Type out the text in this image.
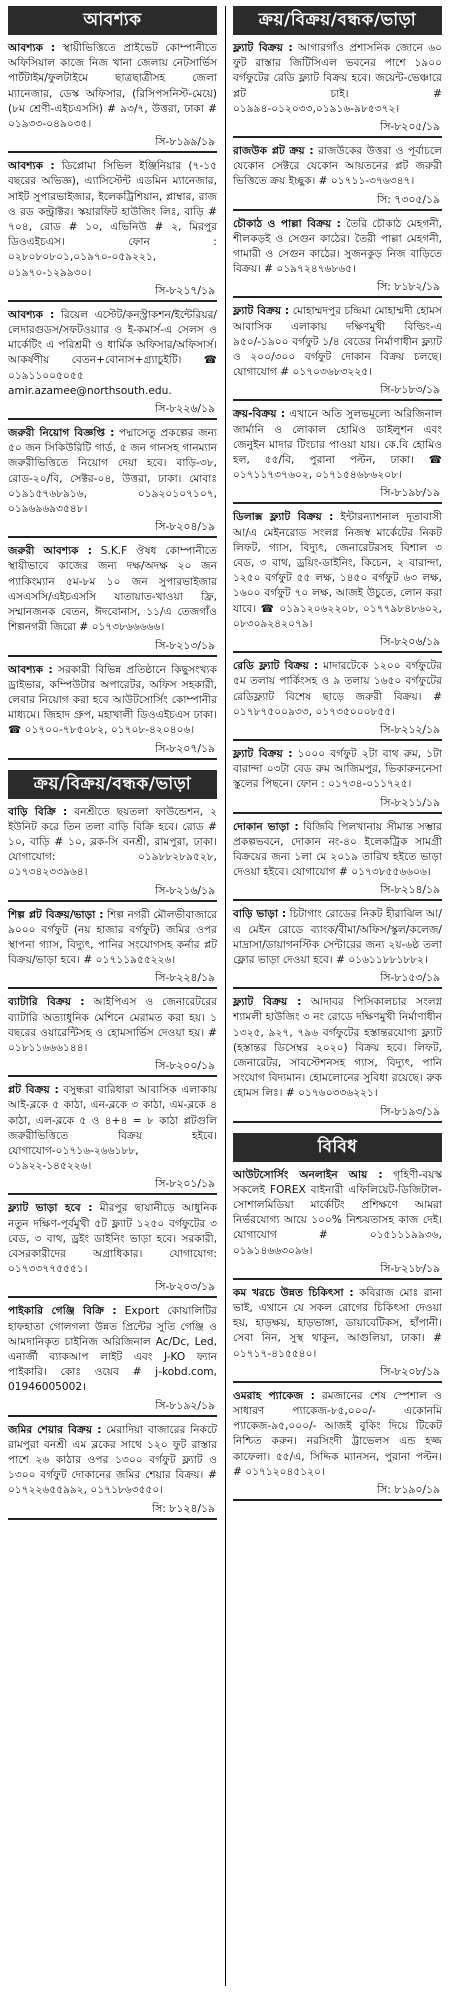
আবশ্যক

আবশ্যক : স্থায়ীভিত্তিতে প্রাইভেট কোম্পানীতে অফিসিয়াল কাজে নিজ খানা জেলায় নেটসার্ভিস পার্টটাইম/ফুলটাইমে ছাত্রছাত্রীসহ জেলা ম্যানেজার, ডেস্ক অফিসার, (রিসিপসনিস্ট-মেয়ে) (৮ম শ্রেণী-এইচএসসি) # ৯৩/৭, উত্তরা, ঢাকা # ০১৯৩৩-০৪৯০৩৫।

সি-৮১৯৯/১৯

আবশ্যক : ডিপ্লোমা সিভিল ইঞ্জিনিয়ার (৭-১৫ বছরের অভিজ্ঞ), এ্যাসিস্টেন্ট এডমিন ম্যানেজার, সাইট সুপারভাইজার, ইলেকট্রিশিয়ান, প্লাম্বার, রাজ ও রড কন্ট্রাক্টর। স্কয়ারফিট হাউজিং লিঃ, বাড়ি # ৭০৪, রোড # ১০, এভিনিউ # ২, মিরপুর ডিওএইচএস। ফোন : ০২৮০৮০৮০১,০১৯৭০-০৫৯২২১, ০১৯৭০-১২৯৯৩০।

সি-৮২১৭/১৯

আবশ্যক : রিয়েল এস্টেট/কনস্ট্রাকশন/ইন্টেরিয়র/লেদারগুডস/সফটওয়্যার ও ই-কমার্স-এ সেলস ও মার্কেটিং এ পরিশ্রমী ও ধার্মিক অফিসার/অফিসার্স। আকর্ষণীয় বেতন+বোনাস+গ্র্যাচুইটি। ☎ ০১৯১১০০৫০৫৫ amir.azamee@northsouth.edu.

সি-৮২২৬/১৯

জরুরী নিয়োগ বিজ্ঞপ্তি : পদ্মাসেতু প্রকল্পের জন্য ৫০ জন সিকিউরিটি গার্ড, ৫ জন গানসহ গানম্যান জরুরীভিত্তিতে নিয়োগ দেয়া হবে। বাড়ি-৩৮, রোড-২০/বি, সেক্টর-০৪, উত্তরা, ঢাকা। মোবাঃ ০১৯১৫৭৬৮৯১৬, ০১৯২০১০৭১০৭, ০১৯৬৯৬৯৩৫৪৮।

সি-৮২০৪/১৯

জরুরী আবশ্যক : S.K.F ঔষধ কোম্পানীতে স্থায়ীভাবে কাজের জন্য দক্ষ/অদক্ষ ২০ জন প্যাকিংম্যান ৫ম-৮ম ১০ জন সুপারভাইজার এসএসসি/এইচএসসি যাতায়াত-খাওয়া ফ্রি, সম্মানজনক বেতন, ঈদবোনাস, ১১/এ তেজগাঁও শিল্পনগরী জিরো # ০১৭৩৮৬৬৬৬৬।

সি-৮২১৩/১৯

আবশ্যক : সরকারী বিভিন্ন প্রতিষ্ঠানে কিছুসংখ্যক ড্রাইভার, কম্পিউটার অপারেটর, অফিস সহকারী, লেবার নিয়োগ করা হবে আউটসোর্সিং কোম্পানীর মাধ্যমে। জিহাদ গ্রুপ, মহাখালী ডিওএইচএস ঢাকা। ☎ ০১৭০০-৭৮৫০৮২, ০১৭০৮-৪২০৪০৬।

সি-৮২০৭/১৯
ক্রয়/বিক্রয়/বন্ধক/ভাড়া

বাড়ি বিক্রি : বনশ্রীতে ছয়তলা ফাউন্ডেশন, ২ ইউনিট করে তিন তলা বাড়ি বিক্রি হবে। রোড # ১০, বাড়ি # ১০, ব্লক-সি বনশ্রী, রামপুরা, ঢাকা। যোগাযোগ: ০১৯৮৮২৮৯৫২৮, ০১৭৩৪২৩৩৯৬৪।

সি-৮২১৬/১৯

শিল্প প্লট বিক্রয়/ভাড়া : শিল্প নগরী মৌলভীবাজারে ৯০০০ বর্গফুট (নয় হাজার বর্গফুট) জমির ওপর স্থাপনা গ্যাস, বিদ্যুৎ, পানির সংযোগসহ কর্নার প্লট বিক্রয়/ভাড়া হবে। # ০১৭১১৯৫৫২২৬।

সি-৮২২৪/১৯

ব্যাটারি বিক্রয় : আইপিএস ও জেনারেটরের ব্যাটারি অত্যাধুনিক মেশিনে মেরামত করা হয়। ১ বছরের ওয়ারেন্টিসহ ও হোমসার্ভিস দেওয়া হয়। # ০১৮১১৬৬৬১৪৪।

সি-৮২০০/১৯

প্লট বিক্রয় : বসুন্ধরা বারিধারা আবাসিক এলাকায় আই-ব্লকে ৫ কাঠা, এন-ব্লকে ৩ কাঠা, এম-ব্লকে ৪ কাঠা, এল-ব্লকে ৫ ও ৪+৪ = ৮ কাঠা প্লটগুলি জরুরীভিত্তিতে বিক্রয় হইবে। যোগাযোগ-০১৭১৬-২৬৬১৮৮, ০১৯২২-১৪৫২২৬।

সি-৮২০১/১৯

ফ্ল্যাট ভাড়া হবে : মীরপুর ছায়ানীড়ে আধুনিক নতুন দক্ষিণ-পূর্বমুখী ৫ট ফ্ল্যাট ১২৫০ বর্গফুটের ৩ বেড, ৩ বাথ, ড্রইং ডাইনিং ভাড়া হবে। সরকারী, বেসরকারীদের অগ্রাধিকার। যোগাযোগ: ০১৭৩৩৭৭৫৫৫১।

সি-৮২০৩/১৯

পাইকারি গেঞ্জি বিক্রি : Export কোয়ালিটির হাফহাতা গোলগলা উন্নত প্রিন্টের সুতি গেঞ্জি ও আমদানিকৃত চাইনিজ অরিজিনাল Ac/Dc, Led, এনার্জী ব্যাকআপ লাইট এবং J-KO ফ্যান পাইকারি। কোঃ ওয়েব # j-kobd.com, 01946005002।

সি-৮১৯২/১৯

জমির শেয়ার বিক্রয় : মেরাদিয়া বাজারের নিকটে রামপুরা বনশ্রী এম ব্লকের সাথে ১২০ ফুট রাস্তার পাশে ২৬ কাঠার ওপর ১৩০০ বর্গফুট ফ্ল্যাট ও ১৩০০ বর্গফুট দোকানের জমির শেয়ার বিক্রয়। # ০১৭২২৬৫৫৯৯২, ০১৭১৮৬৩৫৫০।

সি: ৮১২৪/১৯
ক্রয়/বিক্রয়/বন্ধক/ভাড়া

ফ্ল্যাট বিক্রয় : আগারগাঁও প্রশাসনিক জোনে ৬০ ফুট রাস্তার জিটিসিএল ভবনের পাশে ১৯০০ বর্গফুটের রেডি ফ্ল্যাট বিক্রয় হবে। জয়েন্ট-ভেঞ্চারে প্লট চাই। # ০১৯৯৪-০১২০৩৩,০১৯১৬-৯৮৫৩৭২।

সি-৮২০৫/১৯

রাজউক প্লট ক্রয় : রাজউকের উত্তরা ও পূর্বাচলে যেকোন সেক্টরে যেকোন আয়তনের প্লট জরুরী ভিত্তিতে ক্রয় ইচ্ছুক। # ০১৭১১-৩৭৬৩৪৭।

সি: ৭৩০৫/১৯

চৌকাঠ ও পাল্লা বিক্রয় : তৈরি চৌকাঠ মেহগনী, শীলকড়ই ও সেগুন কাঠের। তৈরী পাল্লা মেহগনী, গামারী ও সেগুন কাঠের। সুজনকুড় নিজ বাড়িতে বিক্রয়। # ০১৯৭২৪৭৬৮৬৫।

সি: ৮১৮২/১৯

ফ্ল্যাট বিক্রয় : মোহাম্মদপুর চন্দ্রিমা মোহাম্মদী হোমস আবাসিক এলাকায় দক্ষিণমুখী বিল্ডিং-এ ৯৫০/-১৯০০ বর্গফুট ১/৪ বেডের নির্মাণাধীন ফ্ল্যাট ও ২০০/৩০০ বর্গফুট দোকান বিক্রয় চলছে। যোগাযোগ # ০১৭০৩৬৮৩২২৫।

সি-৮১৮৩/১৯

ক্রয়-বিক্রয় : এখানে অতি সুলভমূল্যে অরিজিনাল জার্মানি ও লোকাল হোমিও ডাইলুশন এবং জেনুইন মাদার টিংচার পাওয়া যায়। কে.বি হোমিও হল, ৫৫/বি, পুরানা পল্টন, ঢাকা। ☎ ০১৭১১৭৩৭৬০২, ০১৭১৫৪৬৮৬২০৮।

সি-৮১৯৮/১৯

ডিলাক্স ফ্ল্যাট বিক্রয় : ইন্টারন্যাশনাল দূতাবাসী আ/এ মেইনরোড সংলগ্ন নিজস্ব মার্কেটের নিকট লিফট, গ্যাস, বিদ্যুৎ, জেনারেটরসহ বিশাল ৩ বেড, ৩ বাথ, ড্রয়িং-ডাইনিং, কিচেন, ২ বারান্দা, ১২৫০ বর্গফুট ৫৫ লক্ষ, ১৪৫০ বর্গফুট ৬৩ লক্ষ, ১৬০০ বর্গফুট ৭০ লক্ষ, আজই উচুতে, লোন করা যাবে। ☎ ০১৯১২০৬২২০৮, ০১৭৭৯৮৪৮৬০২, ০৮৩০৯২৪২০৭৯।

সি-৮২০৬/১৯

রেডি ফ্ল্যাট বিক্রয় : মাদারটেকে ১২০০ বর্গফুটের ৫ম তলায় পার্কিংসহ ও ৯ তলায় ১৬৫০ বর্গফুটের রেডিফ্ল্যাট বিশেষ ছাড়ে জরুরী বিক্রয়। # ০১৭৮৭৫০০৯৩৩, ০১৭৩৫০০০৮৫৫।

সি-৮২১২/১৯

ফ্ল্যাট বিক্রয় : ১০০০ বর্গফুট ২টা বাথ রুম, ১টা বারান্দা ০৩টা বেড রুম আজিমপুর, ভিকারুননেসা স্কুলের পিছনে। ফোন : ০১৭৩৪-০১১৭২৫।

সি-৮২১১/১৯

দোকান ভাড়া : বিজিবি পিলখানায় সীমান্ত সম্ভার প্রকল্পভবনে, দোকান নং-৪০ ইলেকট্রিক সামগ্রী বিক্রয়ের জন্য ১লা মে ২০১৯ তারিখ হইতে ভাড়া দেওয়া হইবে। যোগাযোগ # ০১৭৩৮৫৫৬৬০৬।

সি-৮২১৪/১৯

বাড়ি ভাড়া : চিটাগাং রোডের নিকট হীরাঝিল আ/এ মেইন রোডে ব্যাংক/বীমা/অফিস/স্কুল/কলেজ/মাদ্রাসা/ডায়াগনস্টিক সেন্টারের জন্য ২য়-৬ষ্ঠ তলা ফ্লোর ভাড়া দেওয়া হবে। # ০১৬১১৮৮১৮৮২।

সি-৮১৫৩/১৯

ফ্ল্যাট বিক্রয় : আদাবর পিসিকালচার সংলগ্ন শ্যামলী হাউজিং ৩ নং রোডে দক্ষিণমুখী নির্মাণাধীন ১৩২৫, ৯২৭, ৭৯৬ বর্গফুটের হস্তান্তরযোগ্য ফ্ল্যাট (হস্তান্তর ডিসেম্বর ২০২০) বিক্রয় হবে। লিফট, জেনারেটর, সাবস্টেশনসহ গ্যাস, বিদ্যুৎ, পানি সংযোগ বিদ্যমান। হোমলোনের সুবিধা রয়েছে। রুক হোমস লিঃ। # ০১৭৬০৩৩৬২২১।

সি-৮১৯৩/১৯
বিবিধ

আউটসোর্সিং অনলাইন আয় : গৃহিণী-বয়স্ক সকলেই FOREX বাইনারী এফিলিয়েট-ডিজিটাল-সোশালমিডিয়া মার্কেটিং প্রশিক্ষণে আমরা নির্ভরযোগ্য আয়ে ১০০% নিশ্চয়তাসহ কাজ দেই। যোগাযোগ # ০১৫১১১৯৯৩৬, ০১৯১৪৬৬৩০৯৬।

সি-৮২১৮/১৯

কম খরচে উন্নত চিকিৎসা : কবিরাজ মোঃ রানা ভাই, এখানে যে সকল রোগের চিকিৎসা দেওয়া হয়, হাড়ক্ষয়, হাড়ভাঙ্গা, ডায়াবেটিকস, হাঁপানী। সেবা নিন, সুস্থ থাকুন, আগুলিয়া, ঢাকা। # ০১৭১৭-৪১৫৫৪০।

সি-৮২০৮/১৯

ওমরাহ প্যাকেজ : রমজানের শেষ স্পেশাল ও সাধারণ প্যাকেজ-৮৫,০০০/- একোনমি প্যাকেজ-৯৫,০০০/- আজই বুকিং দিয়ে টিকেট নিশ্চিত করুন। নরসিংদী ট্রাভেলস এন্ড হজ্জ কাফেলা। ৫৫/এ, সিদ্দিক ম্যানসন, পুরানা পল্টন। # ০১৭১২০৪৫১২০।

সি: ৮১৯০/১৯
